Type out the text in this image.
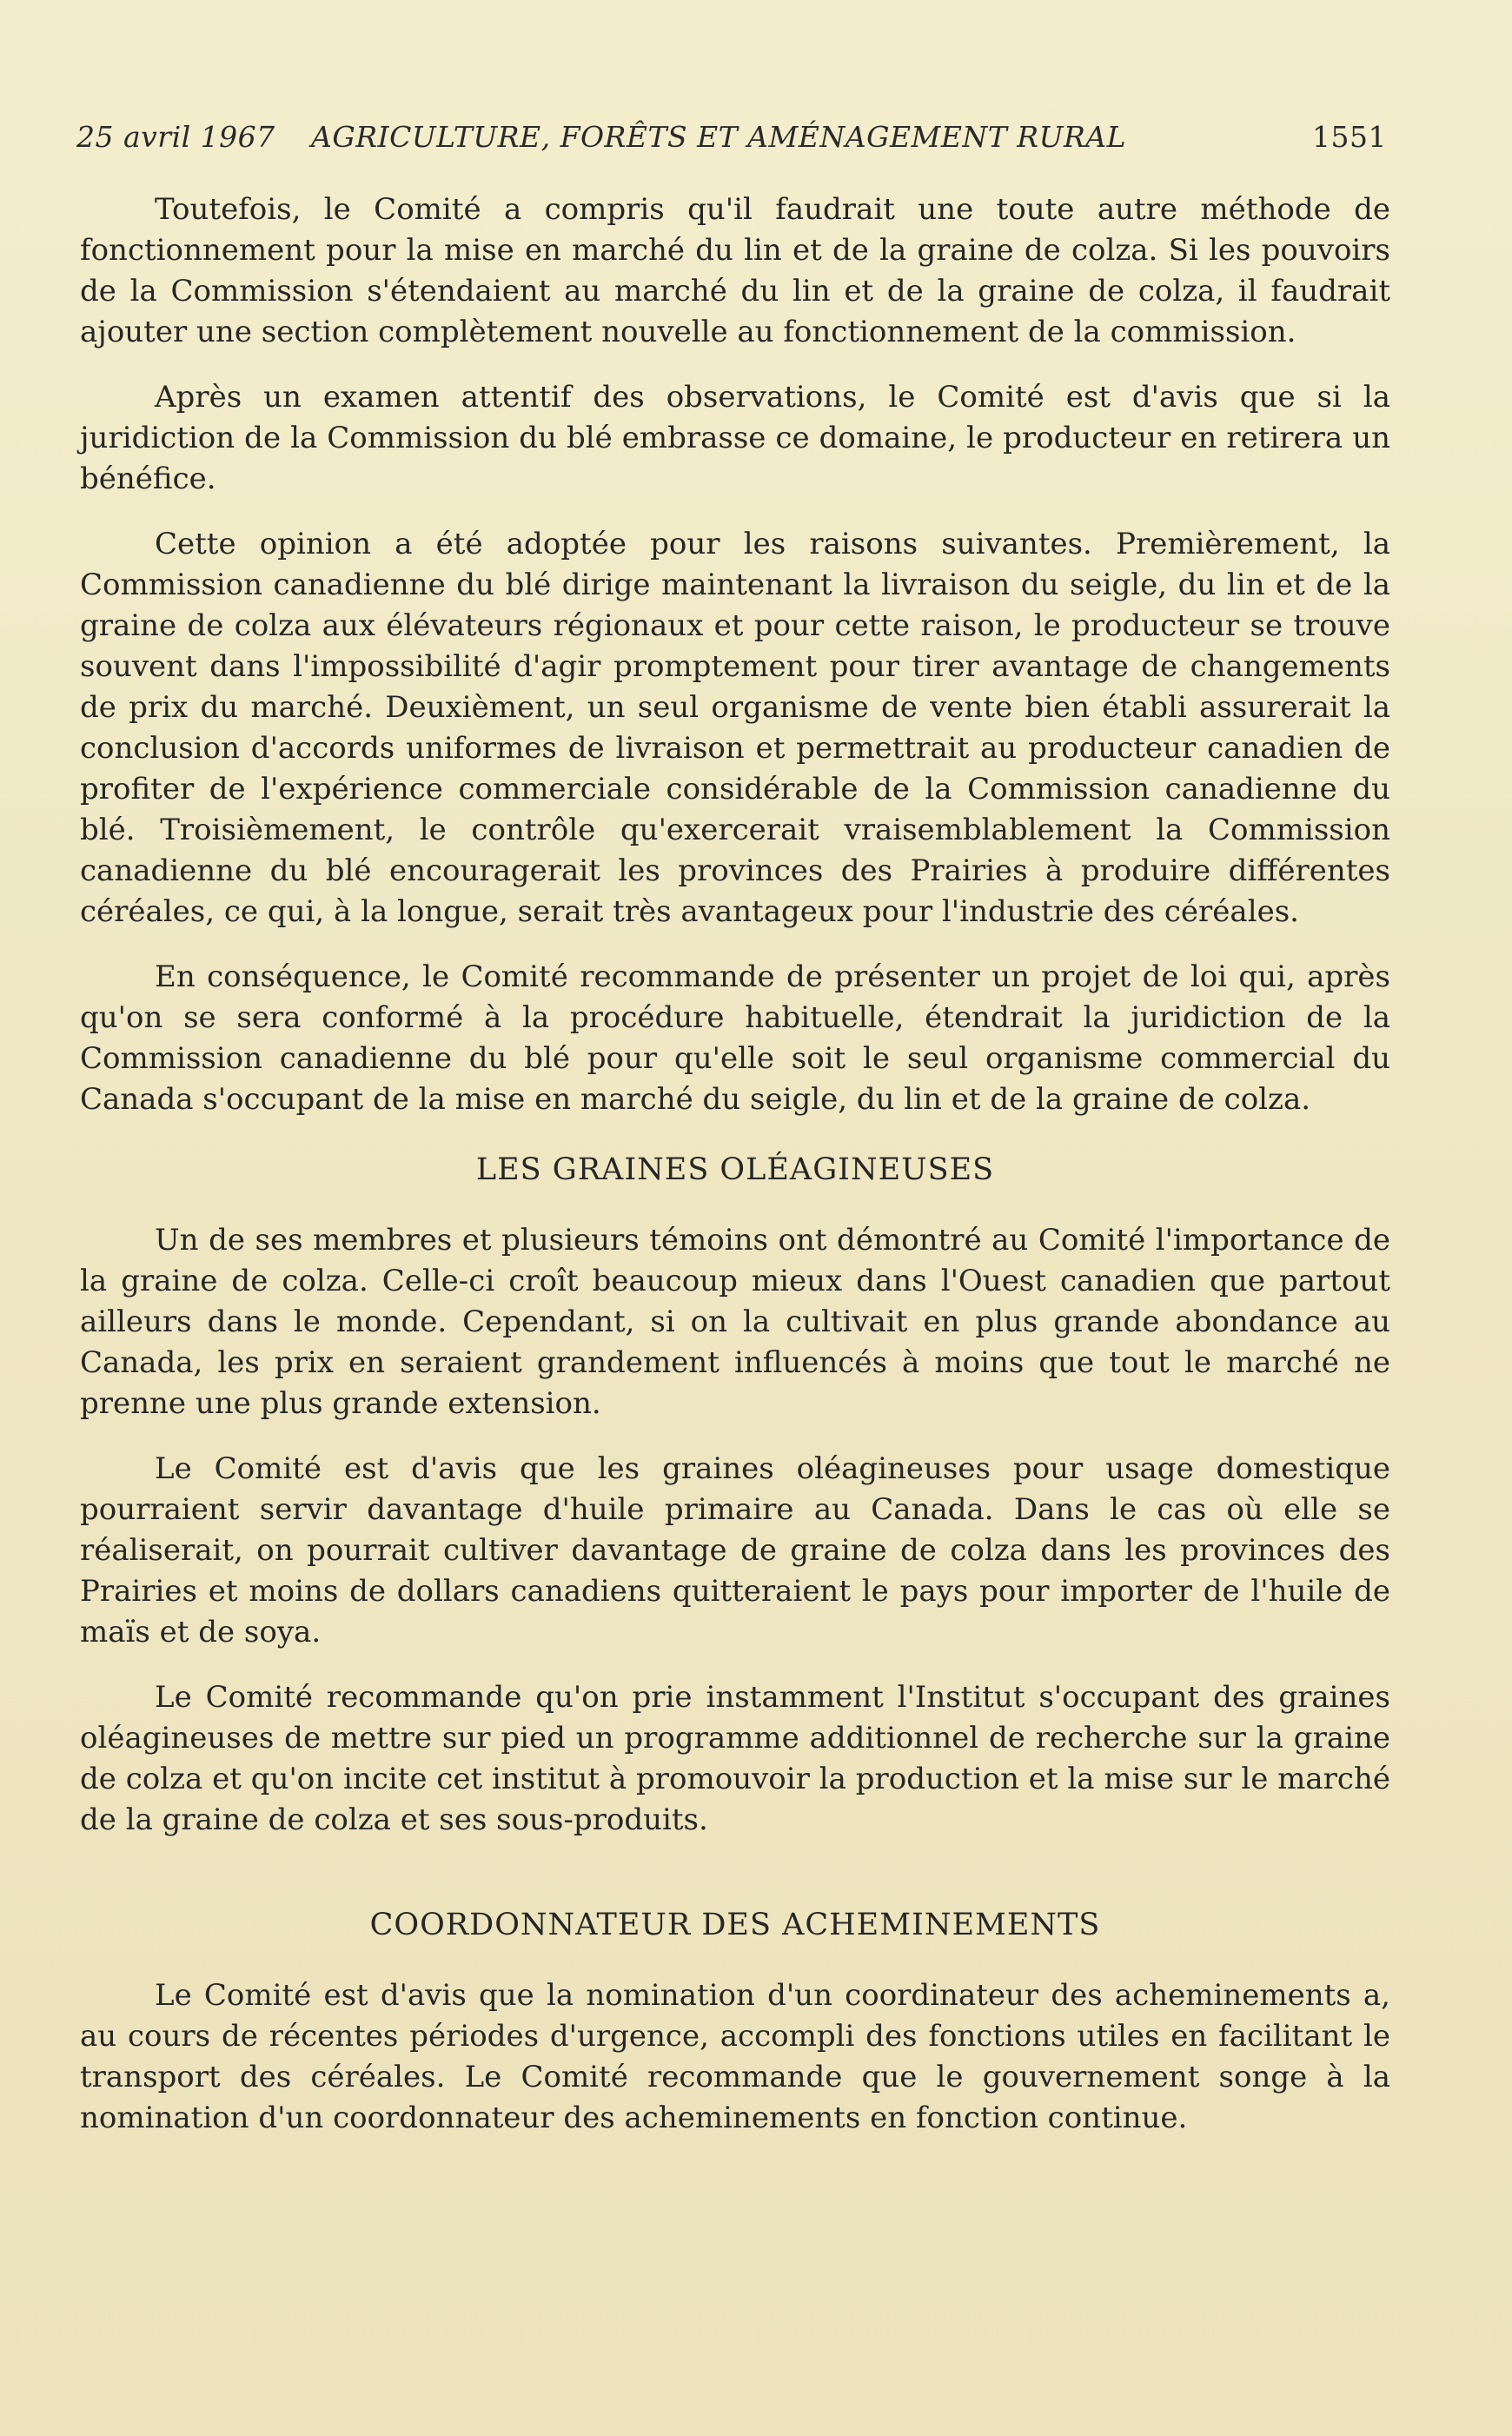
25 avril 1967 AGRICULTURE, FORÊTS ET AMÉNAGEMENT RURAL	1551

Toutefois, le Comité a compris qu'il faudrait une toute autre méthode de fonctionnement pour la mise en marché du lin et de la graine de colza. Si les pouvoirs de la Commission s'étendaient au marché du lin et de la graine de colza, il faudrait ajouter une section complètement nouvelle au fonctionnement de la commission.

Après un examen attentif des observations, le Comité est d'avis que si la juridiction de la Commission du blé embrasse ce domaine, le producteur en retirera un bénéfice.

Cette opinion a été adoptée pour les raisons suivantes. Premièrement, la Commission canadienne du blé dirige maintenant la livraison du seigle, du lin et de la graine de colza aux élévateurs régionaux et pour cette raison, le producteur se trouve souvent dans l'impossibilité d'agir promptement pour tirer avantage de changements de prix du marché. Deuxièment, un seul organisme de vente bien établi assurerait la conclusion d'accords uniformes de livraison et permettrait au producteur canadien de profiter de l'expérience commerciale considérable de la Commission canadienne du blé. Troisièmement, le contrôle qu'exercerait vraisemblablement la Commission canadienne du blé encouragerait les provinces des Prairies à produire différentes céréales, ce qui, à la longue, serait très avantageux pour l'industrie des céréales.

En conséquence, le Comité recommande de présenter un projet de loi qui, après qu'on se sera conformé à la procédure habituelle, étendrait la juridiction de la Commission canadienne du blé pour qu'elle soit le seul organisme commercial du Canada s'occupant de la mise en marché du seigle, du lin et de la graine de colza.

LES GRAINES OLÉAGINEUSES

Un de ses membres et plusieurs témoins ont démontré au Comité l'importance de la graine de colza. Celle-ci croît beaucoup mieux dans l'Ouest canadien que partout ailleurs dans le monde. Cependant, si on la cultivait en plus grande abondance au Canada, les prix en seraient grandement influencés à moins que tout le marché ne prenne une plus grande extension.

Le Comité est d'avis que les graines oléagineuses pour usage domestique pourraient servir davantage d'huile primaire au Canada. Dans le cas où elle se réaliserait, on pourrait cultiver davantage de graine de colza dans les provinces des Prairies et moins de dollars canadiens quitteraient le pays pour importer de l'huile de maïs et de soya.

Le Comité recommande qu'on prie instamment l'Institut s'occupant des graines oléagineuses de mettre sur pied un programme additionnel de recherche sur la graine de colza et qu'on incite cet institut à promouvoir la production et la mise sur le marché de la graine de colza et ses sous-produits.

COORDONNATEUR DES ACHEMINEMENTS

Le Comité est d'avis que la nomination d'un coordinateur des acheminements a, au cours de récentes périodes d'urgence, accompli des fonctions utiles en facilitant le transport des céréales. Le Comité recommande que le gouvernement songe à la nomination d'un coordonnateur des acheminements en fonction continue.
